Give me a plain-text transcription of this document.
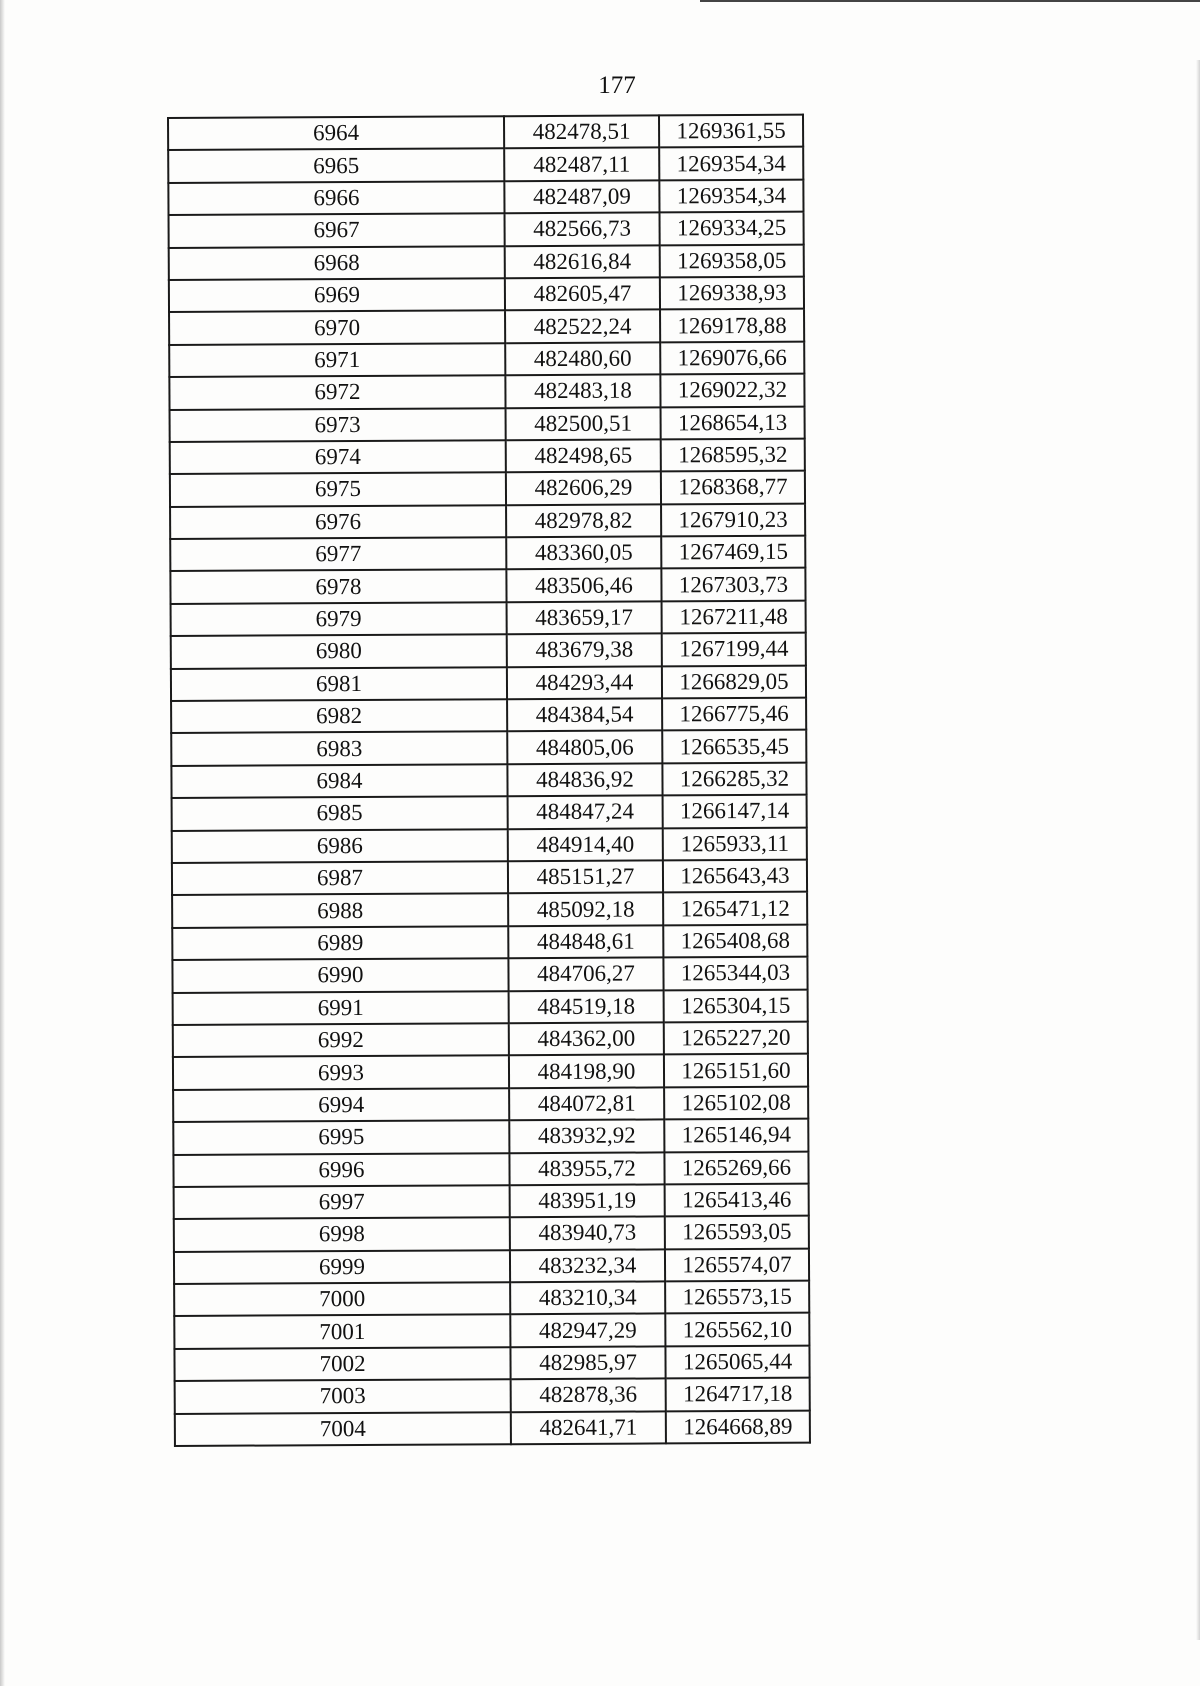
177
6964	482478,51	1269361,55
6965	482487,11	1269354,34
6966	482487,09	1269354,34
6967	482566,73	1269334,25
6968	482616,84	1269358,05
6969	482605,47	1269338,93
6970	482522,24	1269178,88
6971	482480,60	1269076,66
6972	482483,18	1269022,32
6973	482500,51	1268654,13
6974	482498,65	1268595,32
6975	482606,29	1268368,77
6976	482978,82	1267910,23
6977	483360,05	1267469,15
6978	483506,46	1267303,73
6979	483659,17	1267211,48
6980	483679,38	1267199,44
6981	484293,44	1266829,05
6982	484384,54	1266775,46
6983	484805,06	1266535,45
6984	484836,92	1266285,32
6985	484847,24	1266147,14
6986	484914,40	1265933,11
6987	485151,27	1265643,43
6988	485092,18	1265471,12
6989	484848,61	1265408,68
6990	484706,27	1265344,03
6991	484519,18	1265304,15
6992	484362,00	1265227,20
6993	484198,90	1265151,60
6994	484072,81	1265102,08
6995	483932,92	1265146,94
6996	483955,72	1265269,66
6997	483951,19	1265413,46
6998	483940,73	1265593,05
6999	483232,34	1265574,07
7000	483210,34	1265573,15
7001	482947,29	1265562,10
7002	482985,97	1265065,44
7003	482878,36	1264717,18
7004	482641,71	1264668,89
